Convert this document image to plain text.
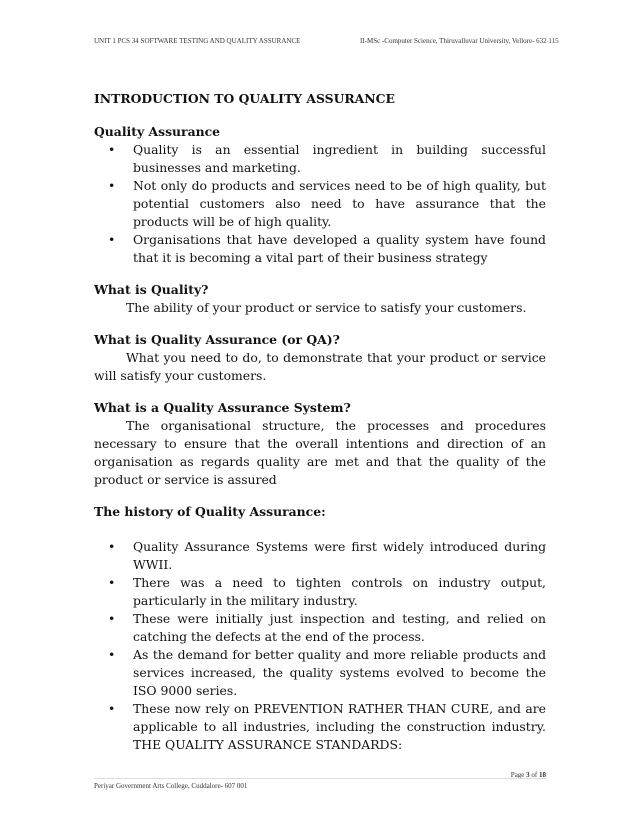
UNIT 1 PCS 34 SOFTWARE TESTING AND QUALITY ASSURANCE	II-MSc -Computer Science, Thiruvalluvar University, Vellore- 632 115
INTRODUCTION TO QUALITY ASSURANCE
Quality Assurance
• Quality is an essential ingredient in building successful businesses and marketing.
• Not only do products and services need to be of high quality, but potential customers also need to have assurance that the products will be of high quality.
• Organisations that have developed a quality system have found that it is becoming a vital part of their business strategy
What is Quality?

The ability of your product or service to satisfy your customers.

What is Quality Assurance (or QA)?

What you need to do, to demonstrate that your product or service will satisfy your customers.

What is a Quality Assurance System?

The organisational structure, the processes and procedures necessary to ensure that the overall intentions and direction of an organisation as regards quality are met and that the quality of the product or service is assured

The history of Quality Assurance:
• Quality Assurance Systems were first widely introduced during WWII.
• There was a need to tighten controls on industry output, particularly in the military industry.
• These were initially just inspection and testing, and relied on catching the defects at the end of the process.
• As the demand for better quality and more reliable products and services increased, the quality systems evolved to become the ISO 9000 series.
• These now rely on PREVENTION RATHER THAN CURE, and are applicable to all industries, including the construction industry. THE QUALITY ASSURANCE STANDARDS:
Page 3 of 18
Periyar Government Arts College, Cuddalore- 607 001
